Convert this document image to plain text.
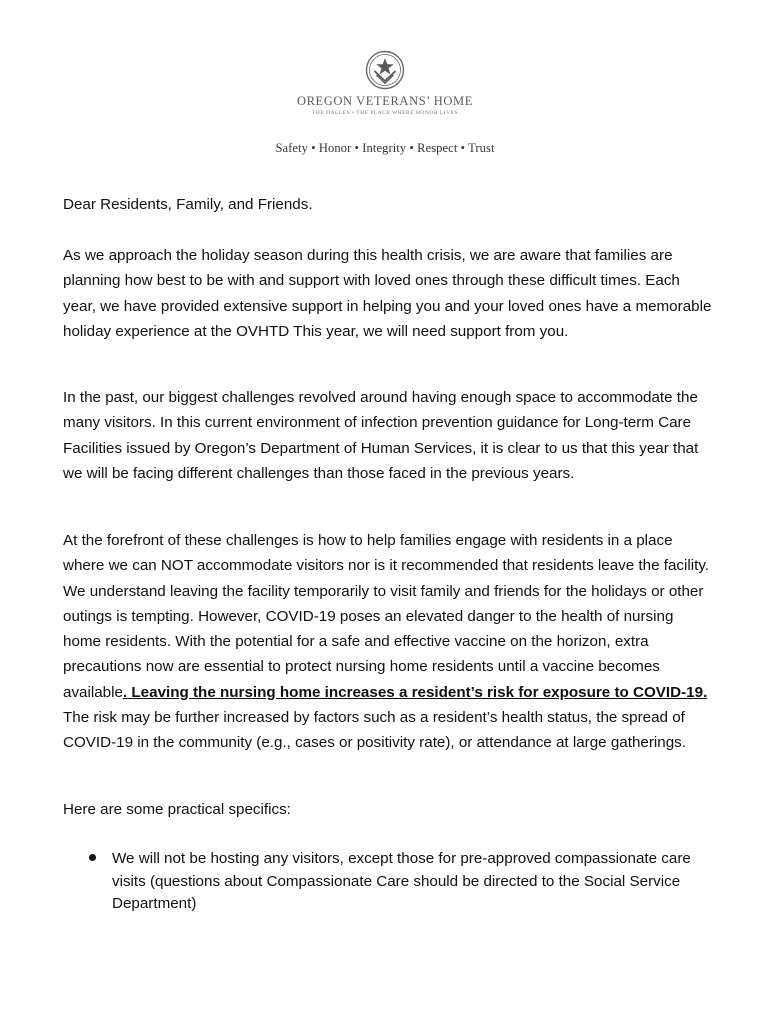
OREGON VETERANS’ HOME
THE DALLES • THE PLACE WHERE HONOR LIVES
Safety • Honor • Integrity • Respect • Trust
Dear Residents, Family, and Friends.
As we approach the holiday season during this health crisis, we are aware that families are planning how best to be with and support with loved ones through these difficult times. Each year, we have provided extensive support in helping you and your loved ones have a memorable holiday experience at the OVHTD This year, we will need support from you.
In the past, our biggest challenges revolved around having enough space to accommodate the many visitors. In this current environment of infection prevention guidance for Long-term Care Facilities issued by Oregon’s Department of Human Services, it is clear to us that this year that we will be facing different challenges than those faced in the previous years.
At the forefront of these challenges is how to help families engage with residents in a place where we can NOT accommodate visitors nor is it recommended that residents leave the facility. We understand leaving the facility temporarily to visit family and friends for the holidays or other outings is tempting. However, COVID-19 poses an elevated danger to the health of nursing home residents. With the potential for a safe and effective vaccine on the horizon, extra precautions now are essential to protect nursing home residents until a vaccine becomes available. Leaving the nursing home increases a resident’s risk for exposure to COVID-19. The risk may be further increased by factors such as a resident’s health status, the spread of COVID-19 in the community (e.g., cases or positivity rate), or attendance at large gatherings.
Here are some practical specifics:
We will not be hosting any visitors, except those for pre-approved compassionate care visits (questions about Compassionate Care should be directed to the Social Service Department)
